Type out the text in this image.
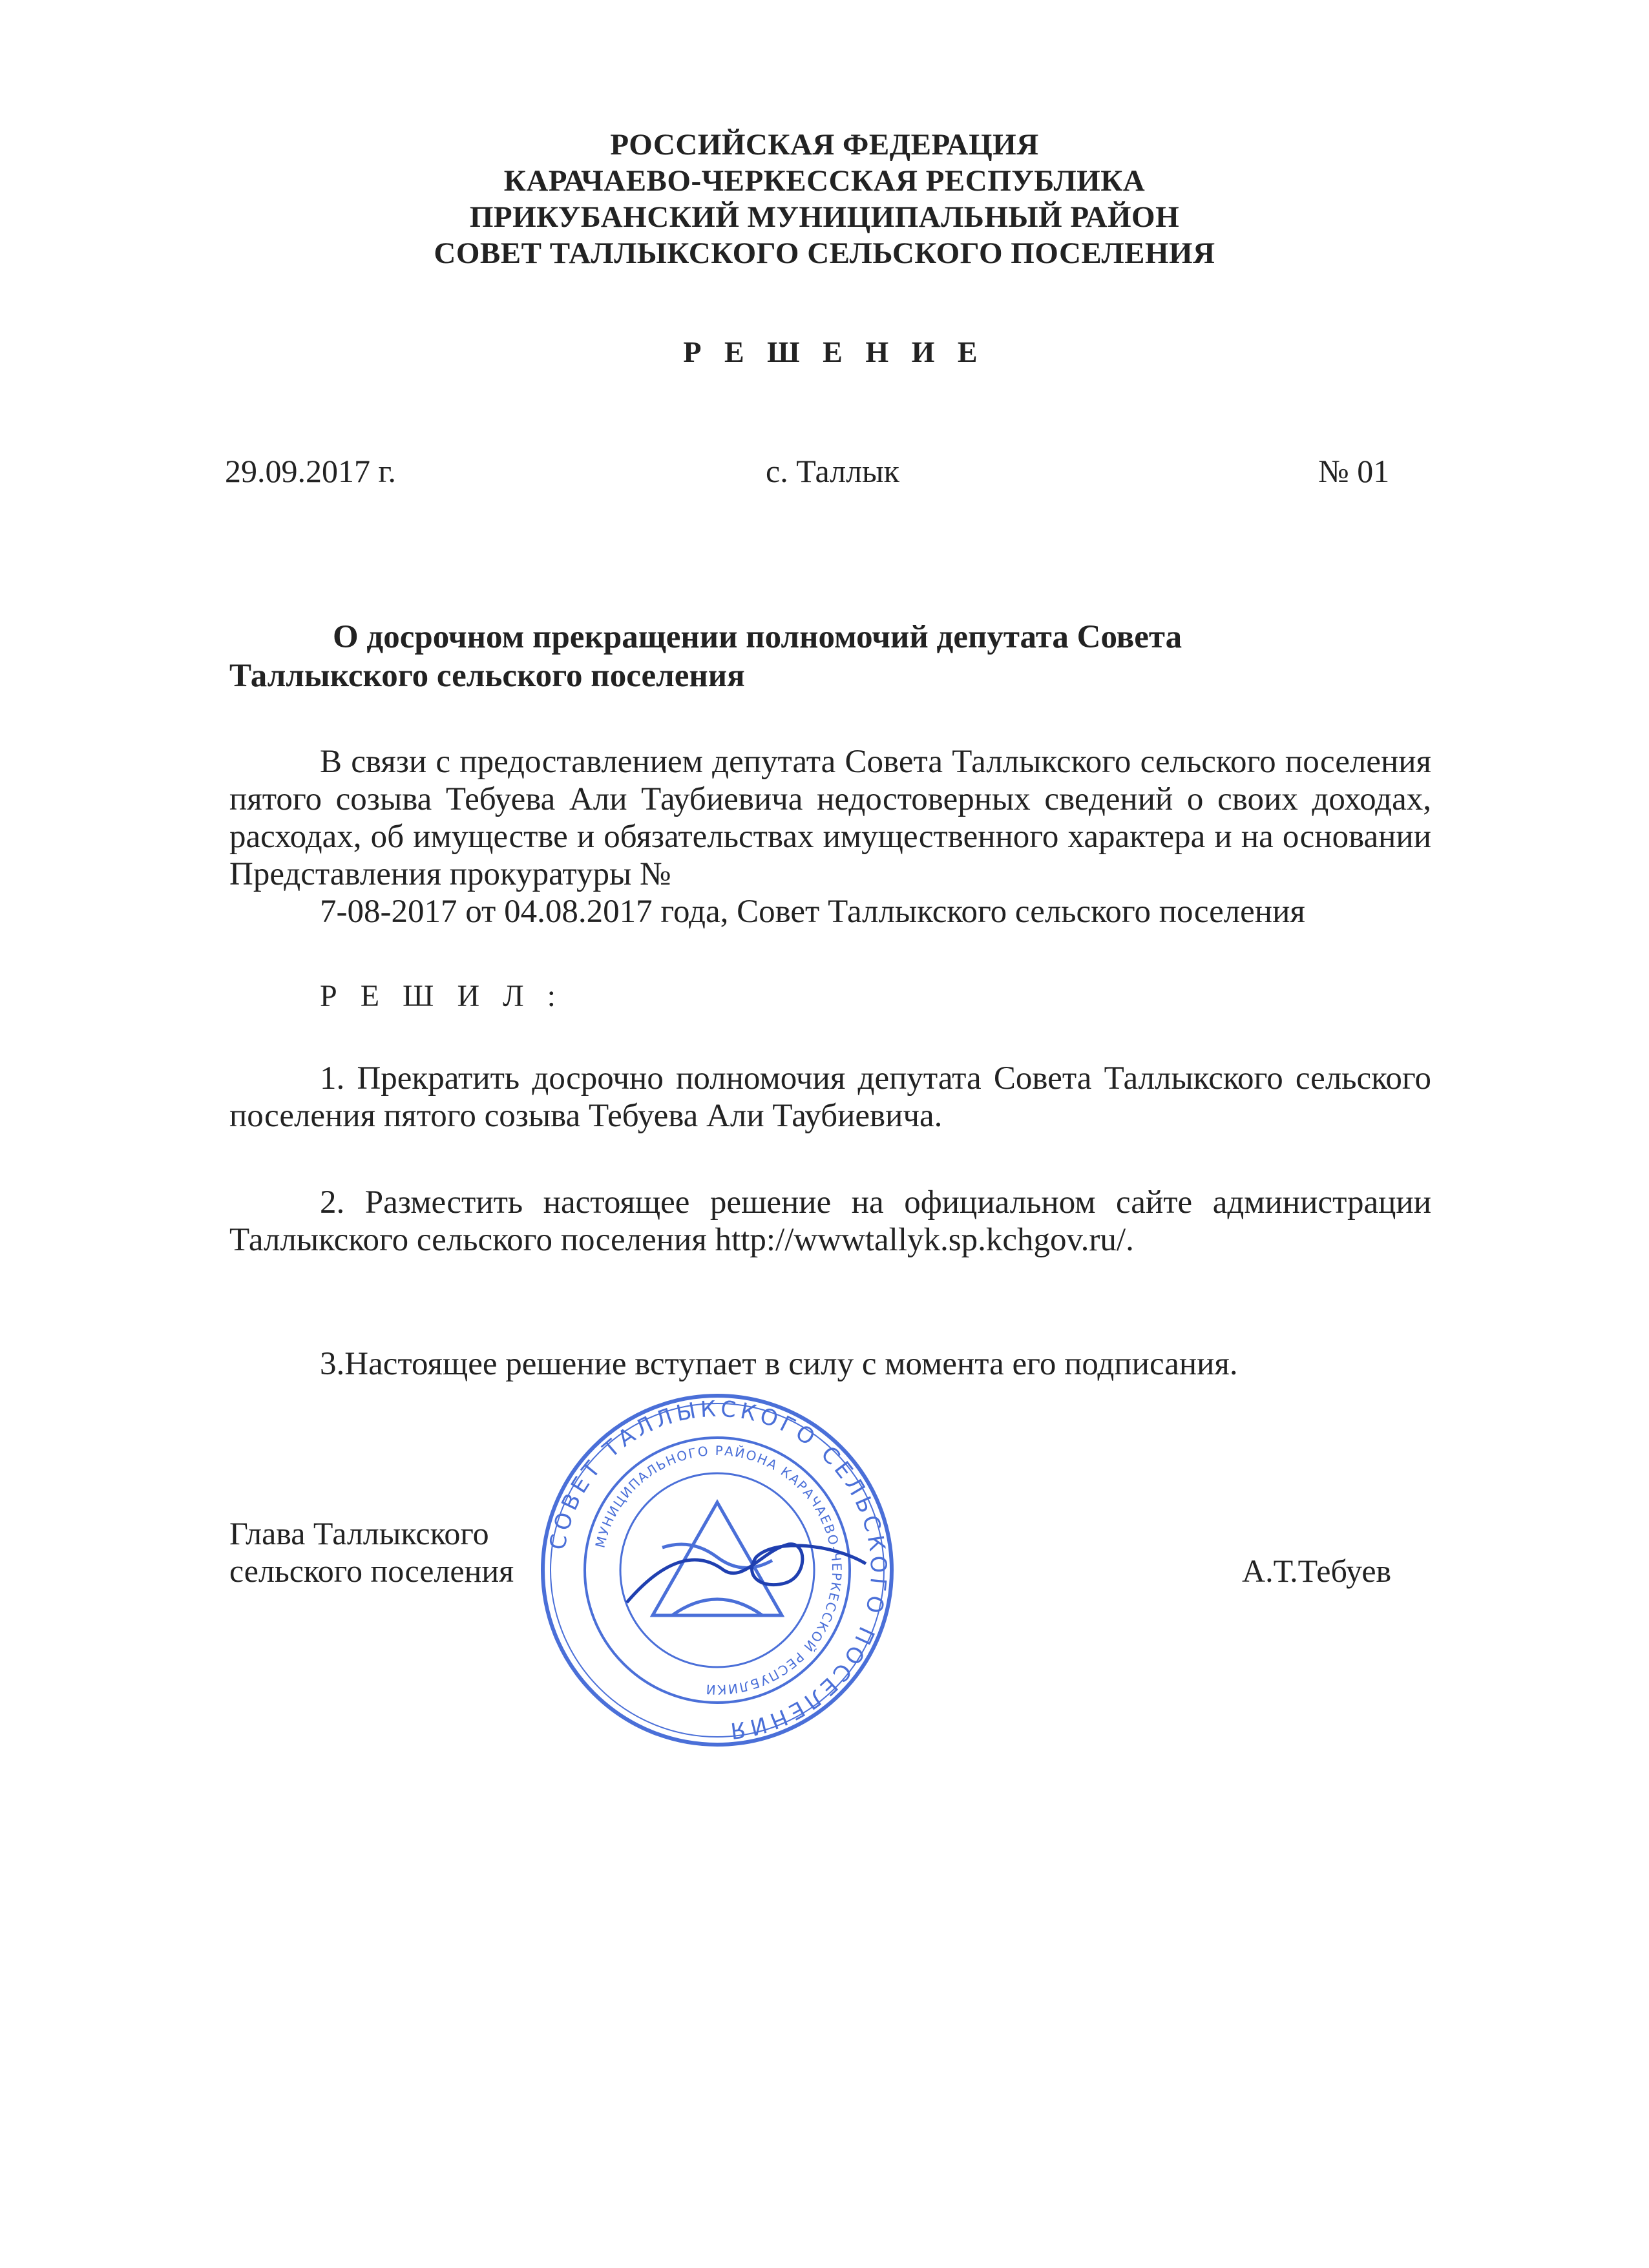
РОССИЙСКАЯ ФЕДЕРАЦИЯ
КАРАЧАЕВО-ЧЕРКЕССКАЯ РЕСПУБЛИКА
ПРИКУБАНСКИЙ МУНИЦИПАЛЬНЫЙ РАЙОН
СОВЕТ ТАЛЛЫКСКОГО СЕЛЬСКОГО ПОСЕЛЕНИЯ
Р Е Ш Е Н И Е
29.09.2017 г.	с. Таллык	№ 01
О досрочном прекращении полномочий депутата Совета
Таллыкского сельского поселения
В связи с предоставлением депутата Совета Таллыкского сельского поселения пятого созыва Тебуева Али Таубиевича недостоверных сведений о своих доходах, расходах, об имуществе и обязательствах имущественного характера и на основании Представления прокуратуры №
7-08-2017 от 04.08.2017 года, Совет Таллыкского сельского поселения
Р Е Ш И Л :
1. Прекратить досрочно полномочия депутата Совета Таллыкского сельского поселения пятого созыва Тебуева Али Таубиевича.
2. Разместить настоящее решение на официальном сайте администрации Таллыкского сельского поселения http://wwwtallyk.sp.kchgov.ru/.
3.Настоящее решение вступает в силу с момента его подписания.
Глава Таллыкского
сельского поселения	А.Т.Тебуев
СОВЕТ ТАЛЛЫКСКОГО СЕЛЬСКОГО ПОСЕЛЕНИЯ
МУНИЦИПАЛЬНОГО РАЙОНА КАРАЧАЕВО-ЧЕРКЕССКОЙ РЕСПУБЛИКИ
